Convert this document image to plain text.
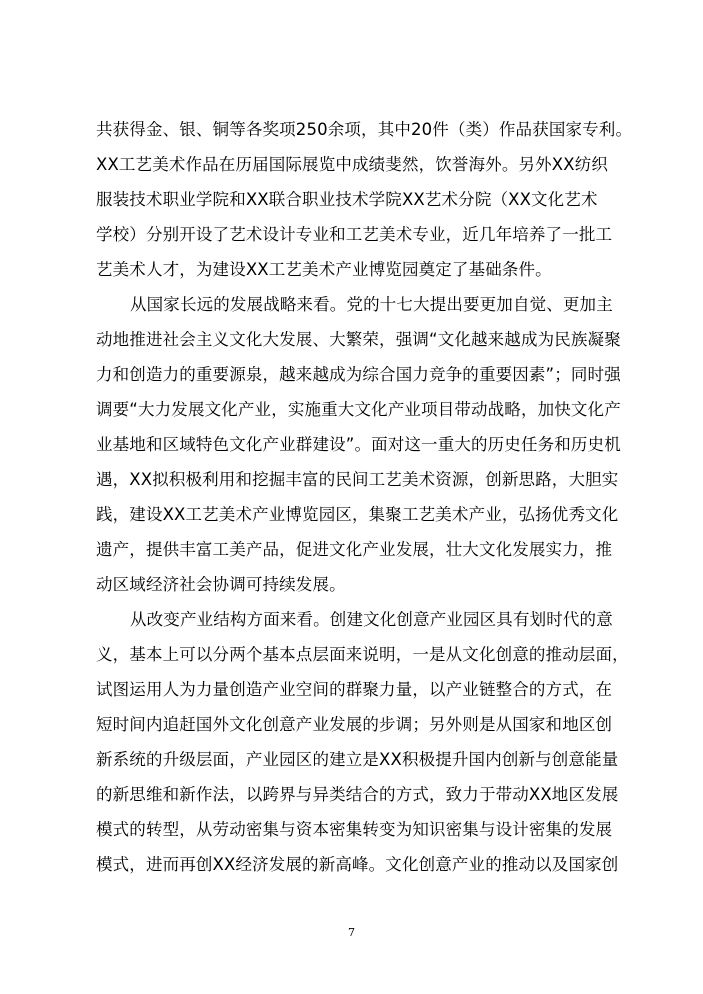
共获得金、银、铜等各奖项250余项，其中20件（类）作品获国家专利。
XX工艺美术作品在历届国际展览中成绩斐然，饮誉海外。另外XX纺织
服装技术职业学院和XX联合职业技术学院XX艺术分院（XX文化艺术
学校）分别开设了艺术设计专业和工艺美术专业，近几年培养了一批工
艺美术人才，为建设XX工艺美术产业博览园奠定了基础条件。
从国家长远的发展战略来看。党的十七大提出要更加自觉、更加主
动地推进社会主义文化大发展、大繁荣，强调“文化越来越成为民族凝聚
力和创造力的重要源泉，越来越成为综合国力竞争的重要因素”；同时强
调要“大力发展文化产业，实施重大文化产业项目带动战略，加快文化产
业基地和区域特色文化产业群建设”。面对这一重大的历史任务和历史机
遇，XX拟积极利用和挖掘丰富的民间工艺美术资源，创新思路，大胆实
践，建设XX工艺美术产业博览园区，集聚工艺美术产业，弘扬优秀文化
遗产，提供丰富工美产品，促进文化产业发展，壮大文化发展实力，推
动区域经济社会协调可持续发展。
从改变产业结构方面来看。创建文化创意产业园区具有划时代的意
义，基本上可以分两个基本点层面来说明，一是从文化创意的推动层面，
试图运用人为力量创造产业空间的群聚力量，以产业链整合的方式，在
短时间内追赶国外文化创意产业发展的步调；另外则是从国家和地区创
新系统的升级层面，产业园区的建立是XX积极提升国内创新与创意能量
的新思维和新作法，以跨界与异类结合的方式，致力于带动XX地区发展
模式的转型，从劳动密集与资本密集转变为知识密集与设计密集的发展
模式，进而再创XX经济发展的新高峰。文化创意产业的推动以及国家创
7
